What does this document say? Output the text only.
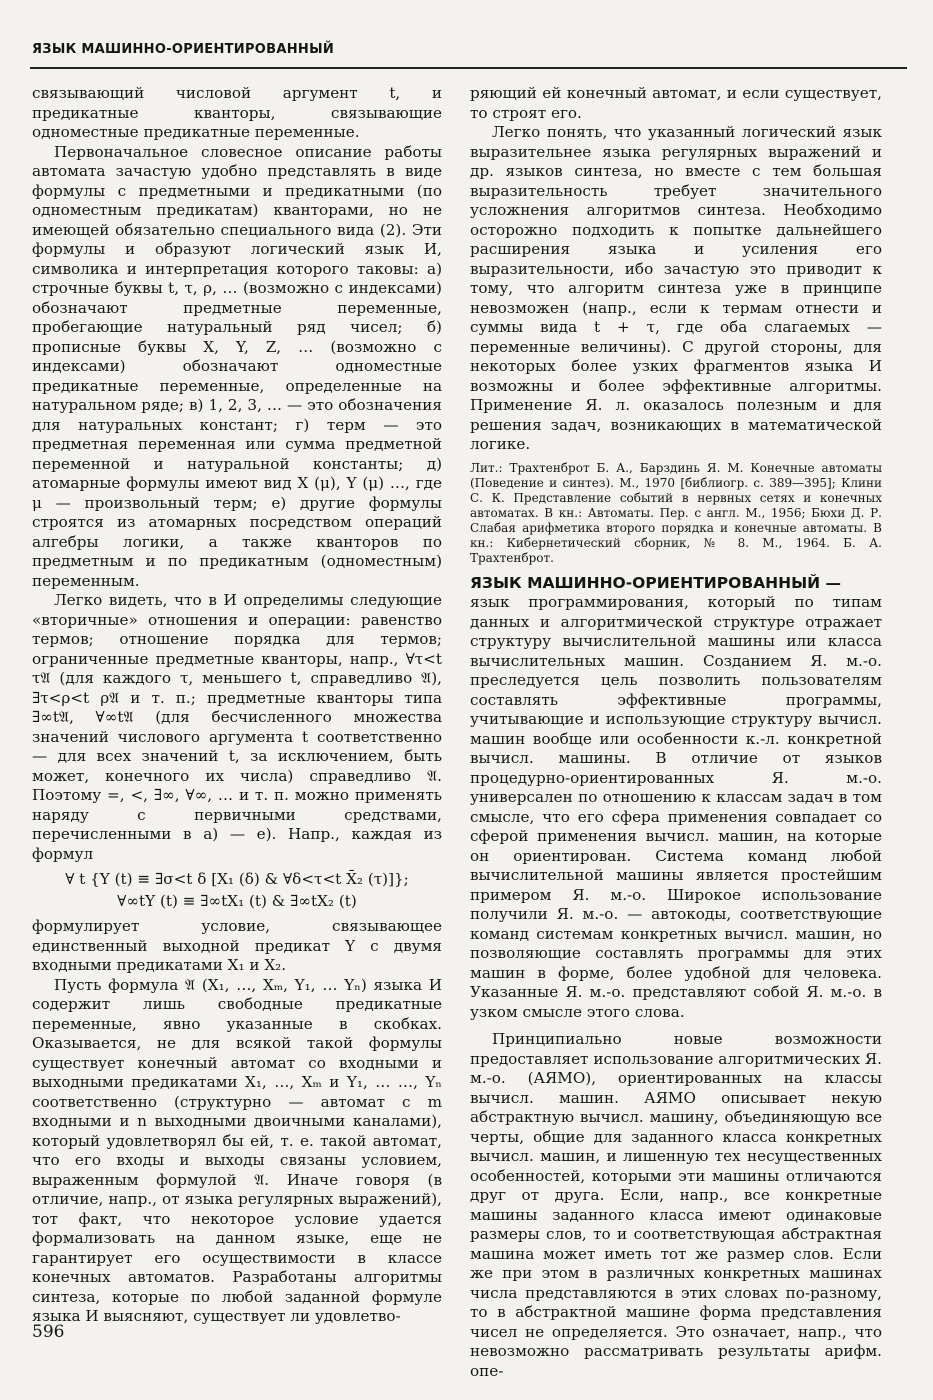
ЯЗЫК МАШИННО-ОРИЕНТИРОВАННЫЙ

связывающий числовой аргумент t, и предикатные кванторы, связывающие одноместные предикатные переменные.

Первоначальное словесное описание работы автомата зачастую удобно представлять в виде формулы с предметными и предикатными (по одноместным предикатам) кванторами, но не имеющей обязательно специального вида (2). Эти формулы и образуют логический язык И, символика и интерпретация которого таковы: а) строчные буквы t, τ, ρ, … (возможно с индексами) обозначают предметные переменные, пробегающие натуральный ряд чисел; б) прописные буквы X, Y, Z, … (возможно с индексами) обозначают одноместные предикатные переменные, определенные на натуральном ряде; в) 1, 2, 3, … — это обозначения для натуральных констант; г) терм — это предметная переменная или сумма предметной переменной и натуральной константы; д) атомарные формулы имеют вид X (μ), Y (μ) …, где μ — произвольный терм; е) другие формулы строятся из атомарных посредством операций алгебры логики, а также кванторов по предметным и по предикатным (одноместным) переменным.

Легко видеть, что в И определимы следующие «вторичные» отношения и операции: равенство термов; отношение порядка для термов; ограниченные предметные кванторы, напр., ∀τ<t τ𝔄 (для каждого τ, меньшего t, справедливо 𝔄), ∃τ<ρ<t ρ𝔄 и т. п.; предметные кванторы типа ∃∞t𝔄, ∀∞t𝔄 (для бесчисленного множества значений числового аргумента t соответственно — для всех значений t, за исключением, быть может, конечного их числа) справедливо 𝔄. Поэтому =, <, ∃∞, ∀∞, … и т. п. можно применять наряду с первичными средствами, перечисленными в а) — е). Напр., каждая из формул

∀ t {Y (t) ≡ ∃σ<t δ [X₁ (δ) & ∀δ<τ<t X̄₂ (τ)]};
∀∞tY (t) ≡ ∃∞tX₁ (t) & ∃∞tX₂ (t)

формулирует условие, связывающее единственный выходной предикат Y с двумя входными предикатами X₁ и X₂.

Пусть формула 𝔄 (X₁, …, Xₘ, Y₁, … Yₙ) языка И содержит лишь свободные предикатные переменные, явно указанные в скобках. Оказывается, не для всякой такой формулы существует конечный автомат со входными и выходными предикатами X₁, …, Xₘ и Y₁, … …, Yₙ соответственно (структурно — автомат с m входными и n выходными двоичными каналами), который удовлетворял бы ей, т. е. такой автомат, что его входы и выходы связаны условием, выраженным формулой 𝔄. Иначе говоря (в отличие, напр., от языка регулярных выражений), тот факт, что некоторое условие удается формализовать на данном языке, еще не гарантирует его осуществимости в классе конечных автоматов. Разработаны алгоритмы синтеза, которые по любой заданной формуле языка И выясняют, существует ли удовлетво-

ряющий ей конечный автомат, и если существует, то строят его.

Легко понять, что указанный логический язык выразительнее языка регулярных выражений и др. языков синтеза, но вместе с тем большая выразительность требует значительного усложнения алгоритмов синтеза. Необходимо осторожно подходить к попытке дальнейшего расширения языка и усиления его выразительности, ибо зачастую это приводит к тому, что алгоритм синтеза уже в принципе невозможен (напр., если к термам отнести и суммы вида t + τ, где оба слагаемых — переменные величины). С другой стороны, для некоторых более узких фрагментов языка И возможны и более эффективные алгоритмы. Применение Я. л. оказалось полезным и для решения задач, возникающих в математической логике.

Лит.: Трахтенброт Б. А., Барздинь Я. М. Конечные автоматы (Поведение и синтез). М., 1970 [библиогр. с. 389—395]; Клини С. К. Представление событий в нервных сетях и конечных автоматах. В кн.: Автоматы. Пер. с англ. М., 1956; Бюхи Д. Р. Слабая арифметика второго порядка и конечные автоматы. В кн.: Кибернетический сборник, № 8. М., 1964. Б. А. Трахтенброт.

ЯЗЫК МАШИННО-ОРИЕНТИРОВАННЫЙ —

язык программирования, который по типам данных и алгоритмической структуре отражает структуру вычислительной машины или класса вычислительных машин. Созданием Я. м.-о. преследуется цель позволить пользователям составлять эффективные программы, учитывающие и использующие структуру вычисл. машин вообще или особенности к.-л. конкретной вычисл. машины. В отличие от языков процедурно-ориентированных Я. м.-о. универсален по отношению к классам задач в том смысле, что его сфера применения совпадает со сферой применения вычисл. машин, на которые он ориентирован. Система команд любой вычислительной машины является простейшим примером Я. м.-о. Широкое использование получили Я. м.-о. — автокоды, соответствующие команд системам конкретных вычисл. машин, но позволяющие составлять программы для этих машин в форме, более удобной для человека. Указанные Я. м.-о. представляют собой Я. м.-о. в узком смысле этого слова.

Принципиально новые возможности предоставляет использование алгоритмических Я. м.-о. (АЯМО), ориентированных на классы вычисл. машин. АЯМО описывает некую абстрактную вычисл. машину, объединяющую все черты, общие для заданного класса конкретных вычисл. машин, и лишенную тех несущественных особенностей, которыми эти машины отличаются друг от друга. Если, напр., все конкретные машины заданного класса имеют одинаковые размеры слов, то и соответствующая абстрактная машина может иметь тот же размер слов. Если же при этом в различных конкретных машинах числа представляются в этих словах по-разному, то в абстрактной машине форма представления чисел не определяется. Это означает, напр., что невозможно рассматривать результаты арифм. опе-

596
